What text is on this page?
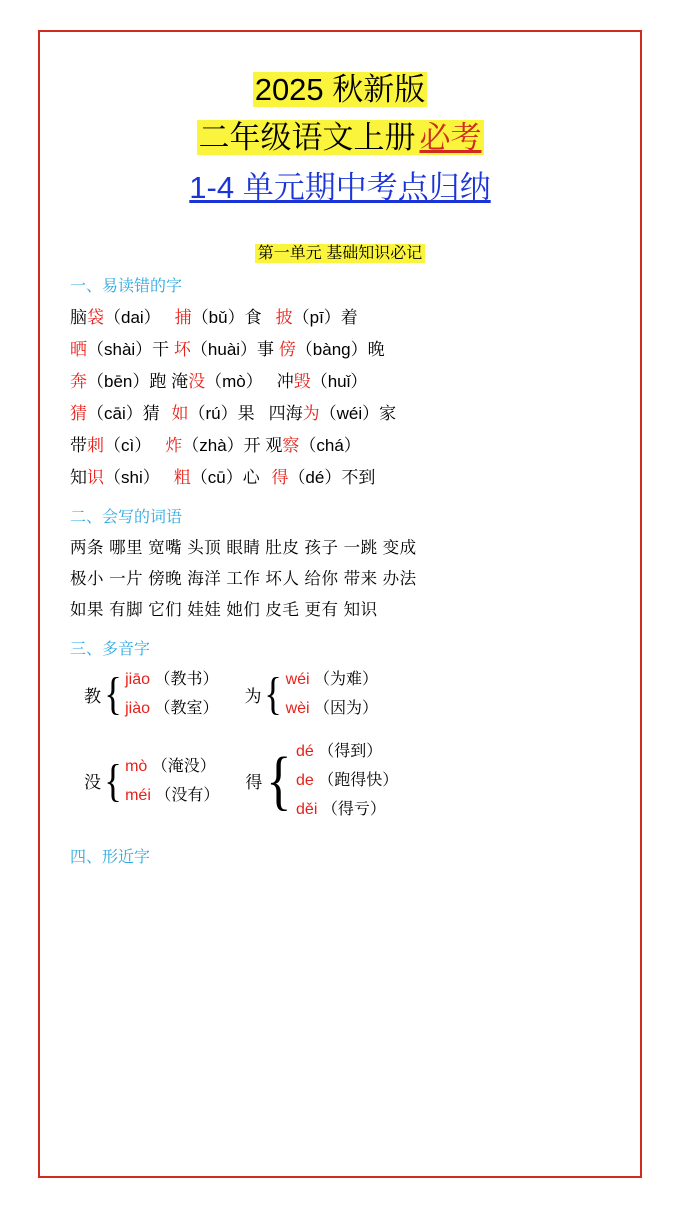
2025 秋新版
二年级语文上册 必考
1-4 单元期中考点归纳
第一单元 基础知识必记
一、易读错的字
脑袋（dai） 捕（bǔ）食 披（pī）着
晒（shài）干 坏（huài）事 傍（bàng）晚
奔（bēn）跑 淹没（mò） 冲毁（huǐ）
猜（cāi）猜 如（rú）果 四海为（wéi）家
带刺（cì） 炸（zhà）开 观察（chá）
知识（shi） 粗（cū）心 得（dé）不到
二、会写的词语
两条 哪里 宽嘴 头顶 眼睛 肚皮 孩子 一跳 变成
极小 一片 傍晚 海洋 工作 坏人 给你 带来 办法
如果 有脚 它们 娃娃 她们 皮毛 更有 知识
三、多音字
教 { jiāo （教书）
jiào （教室）
为 { wéi （为难）
wèi （因为）
没 { mò （淹没）
méi （没有）
得 { dé （得到）
de （跑得快）
děi （得亏）
四、形近字
